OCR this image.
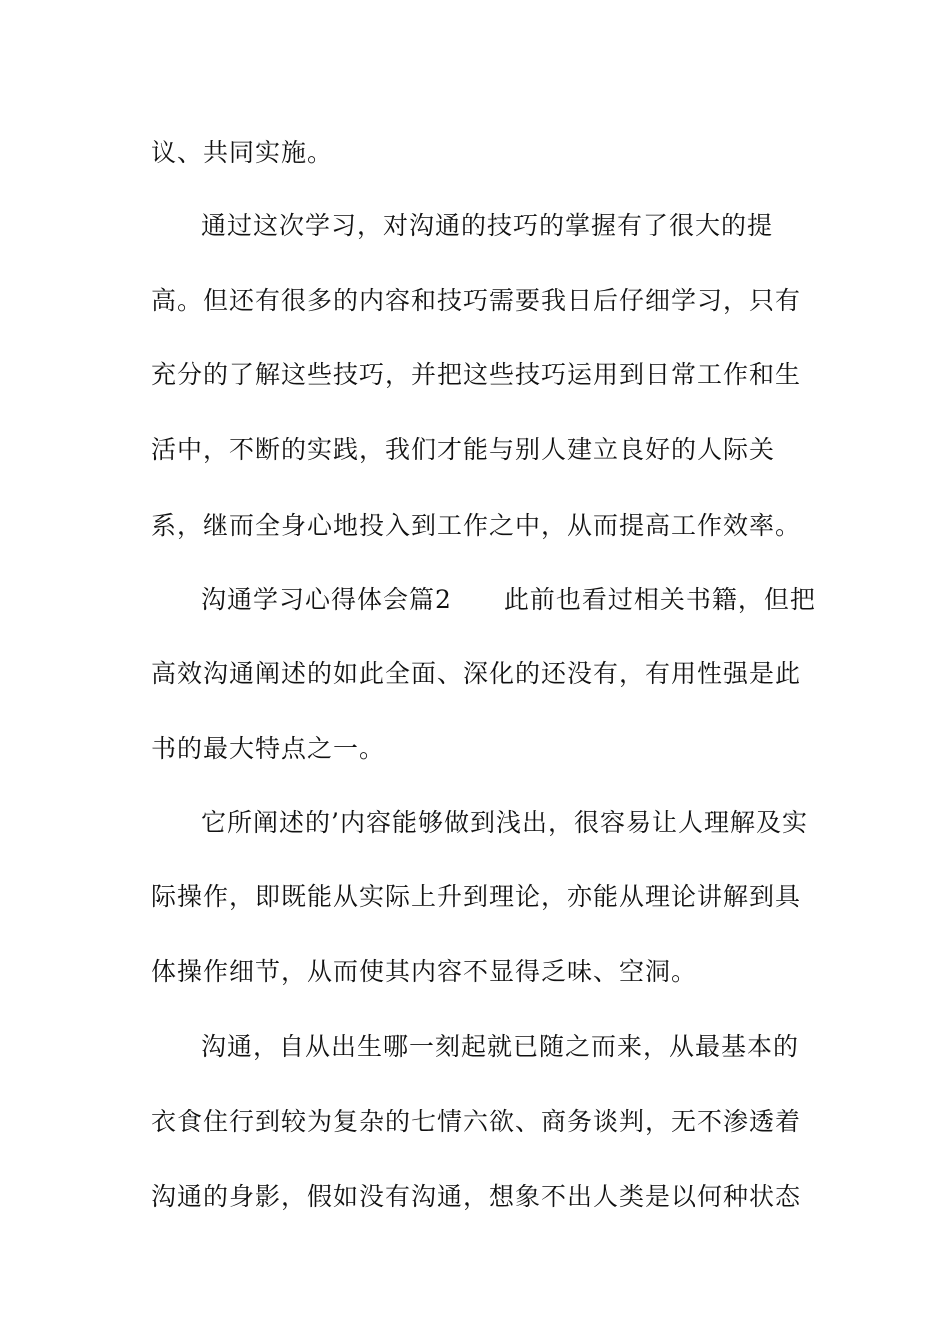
议、共同实施。
通过这次学习，对沟通的技巧的掌握有了很大的提
高。但还有很多的内容和技巧需要我日后仔细学习，只有
充分的了解这些技巧，并把这些技巧运用到日常工作和生
活中，不断的实践，我们才能与别人建立良好的人际关
系，继而全身心地投入到工作之中，从而提高工作效率。
沟通学习心得体会篇2　　此前也看过相关书籍，但把
高效沟通阐述的如此全面、深化的还没有，有用性强是此
书的最大特点之一。
它所阐述的’内容能够做到浅出，很容易让人理解及实
际操作，即既能从实际上升到理论，亦能从理论讲解到具
体操作细节，从而使其内容不显得乏味、空洞。
沟通，自从出生哪一刻起就已随之而来，从最基本的
衣食住行到较为复杂的七情六欲、商务谈判，无不渗透着
沟通的身影，假如没有沟通，想象不出人类是以何种状态
